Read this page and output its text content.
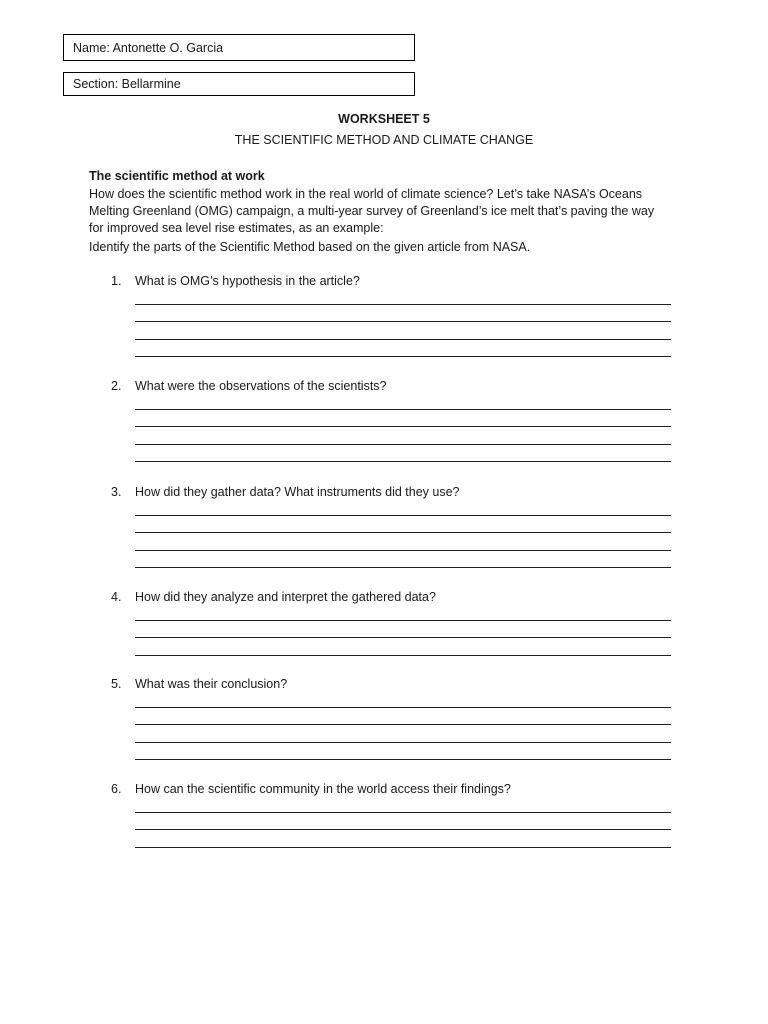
Name: Antonette O. Garcia
Section: Bellarmine
WORKSHEET 5
THE SCIENTIFIC METHOD AND CLIMATE CHANGE
The scientific method at work
How does the scientific method work in the real world of climate science? Let’s take NASA’s Oceans
Melting Greenland (OMG) campaign, a multi-year survey of Greenland’s ice melt that’s paving the way
for improved sea level rise estimates, as an example:
Identify the parts of the Scientific Method based on the given article from NASA.
1. What is OMG’s hypothesis in the article?
2. What were the observations of the scientists?
3. How did they gather data? What instruments did they use?
4. How did they analyze and interpret the gathered data?
5. What was their conclusion?
6. How can the scientific community in the world access their findings?
